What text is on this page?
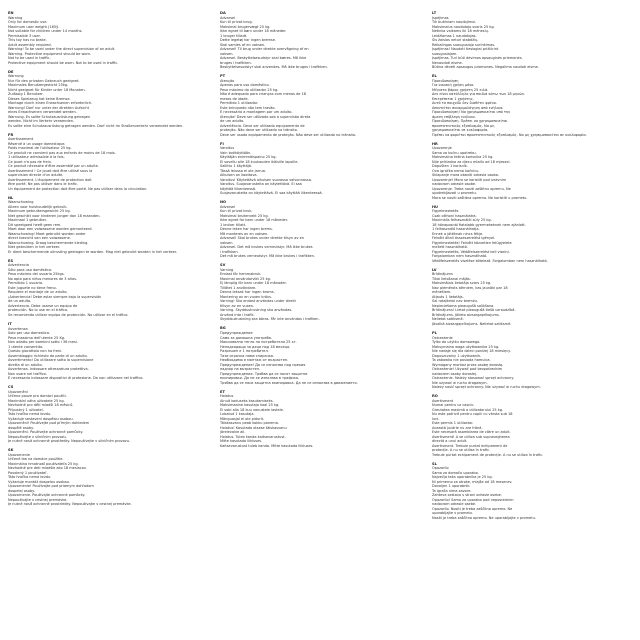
EN
Warning
Only for domestic use.
Maximum user weight (165)l.
Not suitable for children under 14 months.
Permissible 3 user.
This toy has no brake.
Adult assembly required.
Warning! To be used under the direct supervision of an adult.
Warning. Protective equipment should be worn.
Not to be used in traffic.
Protective equipment should be worn. Not to be used in traffic.
DE
Warnung
Nur für den privaten Gebrauch geeignet.
Maximales Benutzergewicht 25kg.
Nicht geeignet für Kinder unter 18 Monaten.
Zulässig 1 Benutzer.
Dieses Spielzeug hat keine Bremse.
Montage durch einen Erwachsenen erforderlich.
Warnung! Darf nur unter der direkten Aufsicht
eines Erwachsenen verwendet werden.
Warnung. Es sollte Schutzausrüstung getragen
werden. Nicht im Verkehr verwenden.
Es sollte eine Schutzausrüstung getragen werden. Darf nicht im Straßenverkehr verwendet werden.
FR
Avertissement
Réservé à un usage domestique.
Poids maximal de l'utilisateur 25 kg.
Ce produit ne convient pas aux enfants de moins de 18 mois.
1 utilisateur admissible à la fois.
Ce jouet n'a pas de frein.
Ce produit nécessite d'être assemblé par un adulte.
Avertissement ! Ce jouet doit être utilisé sous la
supervision directe d'un adulte.
Avertissement. L'équipement de protection doit
être porté. Ne pas utiliser dans le trafic.
Un équipement de protection doit être porté. Ne pas utiliser dans la circulation.
NL
Waarschuwing
Alleen voor huishoudelijk gebruik.
Maximum gebruikersgewicht 25 kg.
Niet geschikt voor kinderen jonger dan 18 maanden.
Maximaal 1 gebruiker.
Dit speelgoed heeft geen rem.
Moet door een volwassene worden gemonteerd.
Waarschuwing! Moet gebruikt worden onder
direct toezicht van een volwassene.
Waarschuwing. Draag beschermende kleding.
Niet gebruiken in het verkeer.
Er dient beschermende uitrusting gedragen te worden. Mag niet gebruikt worden in het verkeer.
ES
Advertencia
Sólo para uso doméstico.
Peso máximo del usuario 25kgs.
No apto para niños menores de 3 años.
Permitido 1 usuario.
Este juguete no tiene freno.
Requiere el montaje de un adulto.
¡Advertencia! Debe estar siempre bajo la supervisión
de un adulto.
Advertencia. Debe usarse un equipo de
protección. No lo use en el tráfico.
Se recomienda utilizar equipo de protección. No utilizar en el tráfico.
IT
Avvertenza
Solo per uso domestico.
Peso massimo dell'utente 25 Kg.
Non adatto per bambini sotto i 36 mesi.
1 utente consentito.
Questo giocattolo non ha freni.
Assemblaggio richiesto da parte di un adulto.
Avvertimento! Da utilizzare sotto la supervisione
diretta di un adulto.
Avvertenza. Indossare attrezzatura protettiva.
Non usare nel traffico.
È necessario indossare dispositivi di protezione. Da non utilizzare nel traffico.
CS
Upozornění
Určeno pouze pro domácí použití.
Maximální váha uživatele 25 kg.
Nevhodné pro děti mladší 18 měsíců.
Přípustný 1 uživatel.
Tato hračka nemá brzdu.
Vyžaduje sestavení dospělou osobou.
Upozornění! Používejte pod přímým dohledem
dospělé osoby.
Upozornění. Používejte ochranné pomůcky.
Nepoužívejte v silničním provozu.
Je nutné nosit ochranné prostředky. Nepoužívejte v silničním provozu.
SK
Upozornenie
Určené iba na domáce použitie.
Maximálna hmotnosť používateľa 25 kg.
Nevhodné pre deti mladšie ako 18 mesiacov.
Povolený 1 používateľ.
Táto hračka nemá brzdu.
Vyžaduje montáž dospelou osobou.
Upozornenie! Používajte pod priamym dohľadom
dospelej osoby.
Upozornenie. Používajte ochranné pomôcky.
Nepoužívajte v cestnej premávke.
Je nutné nosiť ochranné prostriedky. Nepoužívajte v cestnej premávke.
DA
Advarsel
Kun til privat brug.
Maksimal brugervægt 25 kg.
Ikke egnet til børn under 18 måneder.
1 bruger tilladt.
Dette legetøj har ingen bremse.
Skal samles af en voksen.
Advarsel! Til brug under direkte overvågning af en
voksen.
Advarsel. Beskyttelsesudstyr skal bæres. Må ikke
bruges i trafikken.
Beskyttelsesudstyr skal anvendes. Må ikke bruges i trafikken.
PT
Atenção
Apenas para uso doméstico.
Peso máximo do utilizador 25 kg.
Não é adequado para crianças com menos de 18
meses de idade.
Permitido 1 utilizador.
Este brinquedo não tem travão.
É necessária a montagem por um adulto.
Atenção! Deve ser utilizado sob a supervisão direta
de um adulto.
Advertência. Deve ser utilizado equipamento de
proteção. Não deve ser utilizado no trânsito.
Deve ser usado equipamento de proteção. Não deve ser utilizado no trânsito.
FI
Varoitus
Vain kotikäyttöön.
Käyttäjän enimmäispaino 25 kg.
Ei sovellu alle 18 kuukauden ikäisille lapsille.
Sallittu 1 käyttäjä.
Tässä lelussa ei ole jarrua.
Aikuisen on koottava.
Varoitus! Käytettävä aikuisen suorassa valvonnassa.
Varoitus. Suojavarusteita on käytettävä. Ei saa
käyttää liikenteessä.
Suojavarusteita on käytettävä. Ei saa käyttää liikenteessä.
NO
Advarsel
Kun til privat bruk.
Maksimal brukervekt 25 kg.
Ikke egnet for barn under 18 måneder.
1 bruker tillatt.
Denne leken har ingen brems.
Må monteres av en voksen.
Advarsel! Skal brukes under direkte tilsyn av en
voksen.
Advarsel. Det må brukes verneutstyr. Må ikke brukes
i trafikken.
Det må brukes verneutstyr. Må ikke brukes i trafikken.
SV
Varning
Endast för hemmabruk.
Maximal användarvikt 25 kg.
Ej lämplig för barn under 18 månader.
Tillåtet 1 användare.
Denna leksak har ingen broms.
Montering av en vuxen krävs.
Varning! Ska endast användas under direkt
tillsyn av en vuxen.
Varning. Skyddsutrustning ska användas.
Använd inte i trafik.
Skyddsutrustning ska bäras. Får inte användas i trafiken.
BG
Предупреждение
Само за домашна употреба.
Максимално тегло на потребителя 25 кг.
Неподходящо за деца под 18 месеца.
Разрешен е 1 потребител.
Тази играчка няма спирачка.
Необходимо е монтаж от възрастен.
Предупреждение! Да се използва под прекия
надзор на възрастен.
Предупреждение. Трябва да се носят защитни
екипировки. Да не се използва в трафика.
Трябва да се носи защитна екипировка. Да не се използва в движението.
ET
Hoiatus
Ainult koduseks kasutamiseks.
Maksimaalne kasutaja kaal 25 kg.
Ei sobi alla 18 kuu vanustele lastele.
Lubatud 1 kasutaja.
Mänguasjal ei ole pidurit.
Täiskasvanu peab kokku panema.
Hoiatus! Kasutada otsese täiskasvanu
järelevalve all.
Hoiatus. Tuleb kanda kaitsevarustust.
Mitte kasutada liikluses.
Kaitsevarustust tuleb kanda. Mitte kasutada liikluses.
LT
Įspėjimas
Tik buitiniam naudojimui.
Maksimalus naudotojo svoris 25 kg.
Netinka vaikams iki 18 mėnesių.
Leidžiamas 1 naudotojas.
Šis žaislas neturi stabdžių.
Reikalingas suaugusiojo surinkimas.
Įspėjimas! Naudoti tiesiogiai prižiūrint
suaugusiajam.
Įspėjimas. Turi būti dėvimos apsauginės priemonės.
Nenaudoti eisme.
Būtina dėvėti apsaugos priemones. Negalima naudoti eisme.
EL
Προειδοποίηση
Για οικιακή χρήση μόνο.
Μέγιστο βάρος χρήστη 25 κιλά.
Δεν είναι κατάλληλο για παιδιά κάτω των 18 μηνών.
Επιτρέπεται 1 χρήστης.
Αυτό το παιχνίδι δεν διαθέτει φρένο.
Απαιτείται συναρμολόγηση από ενήλικα.
Προειδοποίηση! Να χρησιμοποιείται υπό την
άμεση επίβλεψη ενήλικα.
Προειδοποίηση. Πρέπει να χρησιμοποιείται
προστατευτικός εξοπλισμός. Να μη
χρησιμοποιείται σε κυκλοφορία.
Πρέπει να φοριέται προστατευτικός εξοπλισμός. Να μη χρησιμοποιείται σε κυκλοφορία.
HR
Upozorenje
Samo za kućnu upotrebu.
Maksimalna težina korisnika 25 kg.
Nije prikladno za djecu mlađu od 18 mjeseci.
Dopušten 1 korisnik.
Ova igračka nema kočnicu.
Sklapanje mora obaviti odrasla osoba.
Upozorenje! Mora se koristiti pod izravnim
nadzorom odrasle osobe.
Upozorenje. Treba nositi zaštitnu opremu. Ne
upotrebljavati u prometu.
Mora se nositi zaštitna oprema. Ne koristiti u prometu.
HU
Figyelmeztetés
Csak otthoni használatra.
Maximális felhasználói súly 25 kg.
18 hónaposnál fiatalabb gyermekeknek nem ajánlott.
1 felhasználó használhatja.
Ennek a játéknak nincs fékje.
Felnőtt általi összeszerelést igényel.
Figyelmeztetés! Felnőtt közvetlen felügyelete
mellett használható.
Figyelmeztetés. Védőfelszerelést kell viselni.
Forgalomban nem használható.
Védőfelszerelés viselése kötelező. Forgalomban nem használható.
LV
Brīdinājums
Tikai lietošanai mājās.
Maksimālais lietotāja svars 25 kg.
Nav piemērots bērniem, kas jaunāki par 18
mēnešiem.
Atļauts 1 lietotājs.
Šai rotaļlietai nav bremžu.
Nepieciešama pieaugušā salikšana.
Brīdinājums! Lietot pieaugušā tiešā uzraudzībā.
Brīdinājums. Jālieto aizsargaprīkojums.
Nelietot satiksmē.
Jāvalkā aizsargaprīkojums. Nelietot satiksmē.
PL
Ostrzeżenie
Tylko do użytku domowego.
Maksymalna waga użytkownika 25 kg.
Nie nadaje się dla dzieci poniżej 18 miesięcy.
Dopuszczalny 1 użytkownik.
Ta zabawka nie posiada hamulca.
Wymagany montaż przez osobę dorosłą.
Ostrzeżenie! Używać pod bezpośrednim
nadzorem osoby dorosłej.
Ostrzeżenie. Należy stosować sprzęt ochronny.
Nie używać w ruchu drogowym.
Należy nosić sprzęt ochronny. Nie używać w ruchu drogowym.
RO
Avertisment
Numai pentru uz casnic.
Greutatea maximă a utilizatorului 25 kg.
Nu este potrivit pentru copiii cu vârsta sub 18
luni.
Este permis 1 utilizator.
Această jucărie nu are frână.
Este necesară asamblarea de către un adult.
Avertisment! A se utiliza sub supravegherea
directă a unui adult.
Avertisment. Trebuie purtat echipament de
protecție. A nu se utiliza în trafic.
Trebuie purtat echipament de protecție. A nu se utiliza în trafic.
SL
Opozorilo
Samo za domačo uporabo.
Največja teža uporabnika je 25 kg.
Ni primerno za otroke, mlajše od 18 mesecev.
Dovoljen 1 uporabnik.
Ta igrača nima zavore.
Zahteva sestavo s strani odrasle osebe.
Opozorilo! Samo za uporabo pod neposrednim
nadzorom odrasle osebe.
Opozorilo. Nositi je treba zaščitno opremo. Ne
uporabljajte v prometu.
Nositi je treba zaščitno opremo. Ne uporabljajte v prometu.
